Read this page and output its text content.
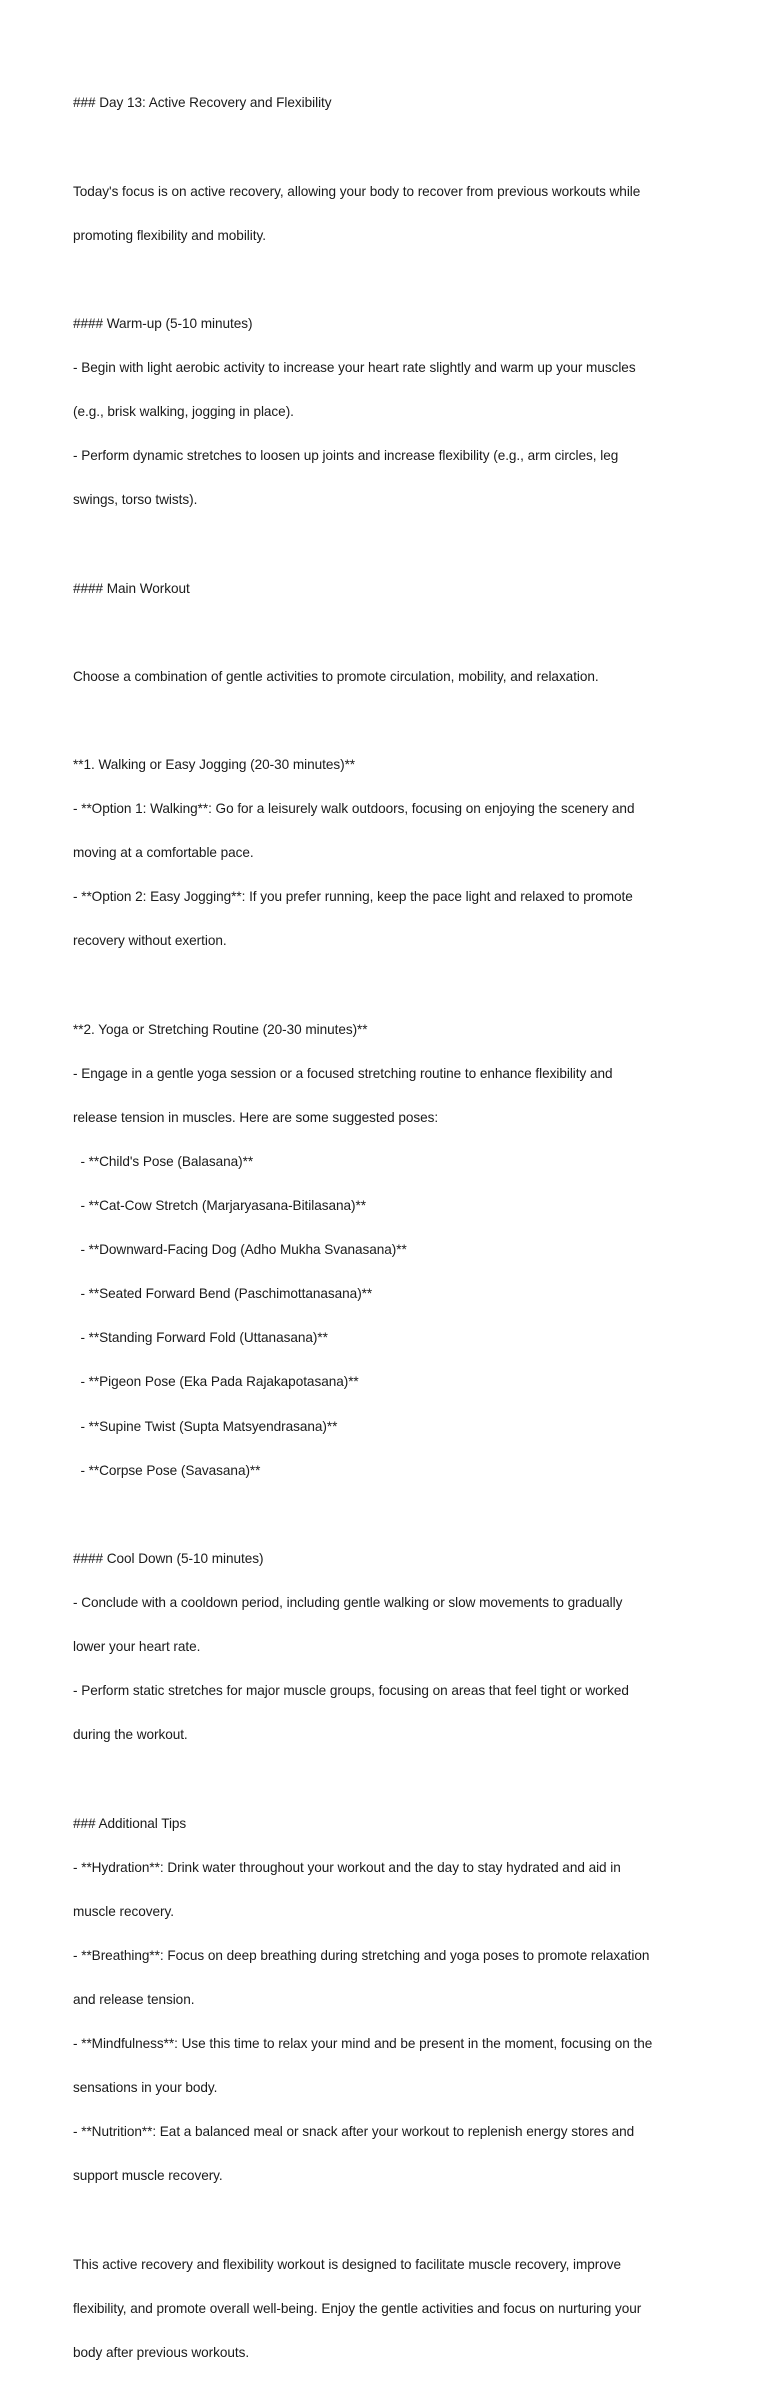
### Day 13: Active Recovery and Flexibility

Today's focus is on active recovery, allowing your body to recover from previous workouts while

promoting flexibility and mobility.

#### Warm-up (5-10 minutes)

- Begin with light aerobic activity to increase your heart rate slightly and warm up your muscles

(e.g., brisk walking, jogging in place).

- Perform dynamic stretches to loosen up joints and increase flexibility (e.g., arm circles, leg

swings, torso twists).

#### Main Workout

Choose a combination of gentle activities to promote circulation, mobility, and relaxation.

**1. Walking or Easy Jogging (20-30 minutes)**

- **Option 1: Walking**: Go for a leisurely walk outdoors, focusing on enjoying the scenery and

moving at a comfortable pace.

- **Option 2: Easy Jogging**: If you prefer running, keep the pace light and relaxed to promote

recovery without exertion.

**2. Yoga or Stretching Routine (20-30 minutes)**

- Engage in a gentle yoga session or a focused stretching routine to enhance flexibility and

release tension in muscles. Here are some suggested poses:

- **Child's Pose (Balasana)**

- **Cat-Cow Stretch (Marjaryasana-Bitilasana)**

- **Downward-Facing Dog (Adho Mukha Svanasana)**

- **Seated Forward Bend (Paschimottanasana)**

- **Standing Forward Fold (Uttanasana)**

- **Pigeon Pose (Eka Pada Rajakapotasana)**

- **Supine Twist (Supta Matsyendrasana)**

- **Corpse Pose (Savasana)**

#### Cool Down (5-10 minutes)

- Conclude with a cooldown period, including gentle walking or slow movements to gradually

lower your heart rate.

- Perform static stretches for major muscle groups, focusing on areas that feel tight or worked

during the workout.

### Additional Tips

- **Hydration**: Drink water throughout your workout and the day to stay hydrated and aid in

muscle recovery.

- **Breathing**: Focus on deep breathing during stretching and yoga poses to promote relaxation

and release tension.

- **Mindfulness**: Use this time to relax your mind and be present in the moment, focusing on the

sensations in your body.

- **Nutrition**: Eat a balanced meal or snack after your workout to replenish energy stores and

support muscle recovery.

This active recovery and flexibility workout is designed to facilitate muscle recovery, improve

flexibility, and promote overall well-being. Enjoy the gentle activities and focus on nurturing your

body after previous workouts.
